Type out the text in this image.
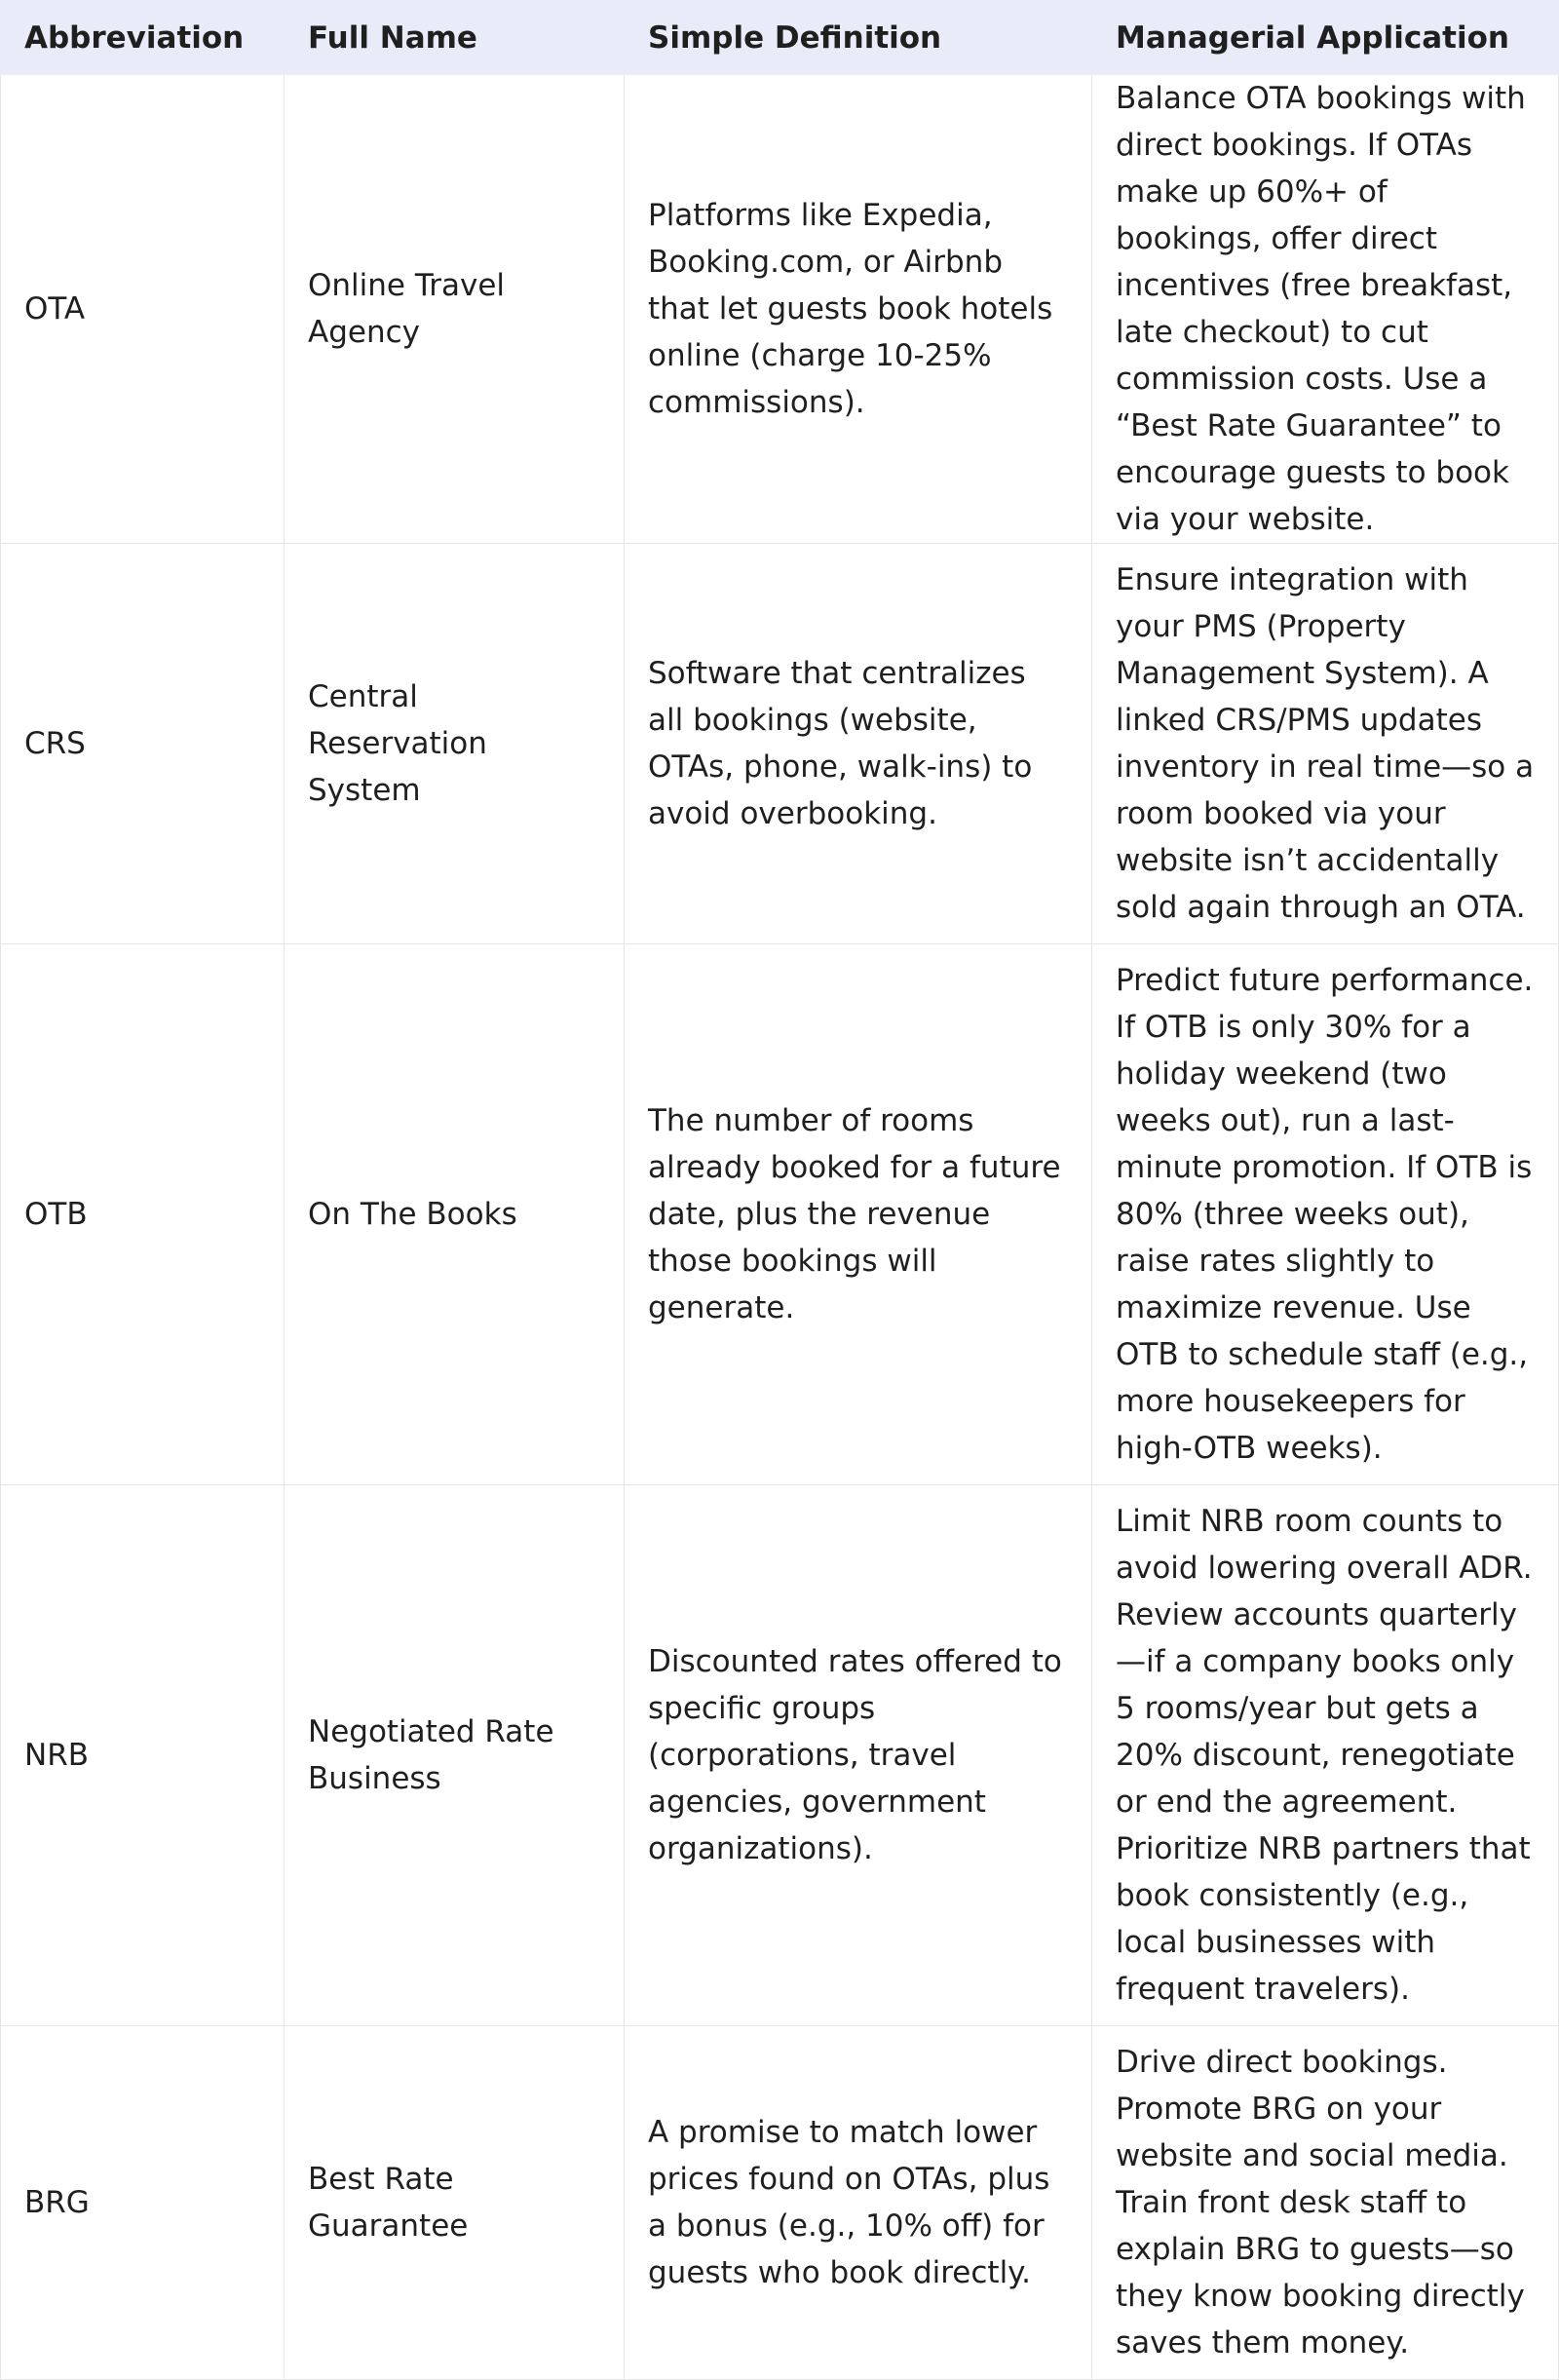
Abbreviation	Full Name	Simple Definition	Managerial Application
OTA	Online Travel Agency	Platforms like Expedia, Booking.com, or Airbnb that let guests book hotels online (charge 10-25% commissions).	Balance OTA bookings with direct bookings. If OTAs make up 60%+ of bookings, offer direct incentives (free breakfast, late checkout) to cut commission costs. Use a “Best Rate Guarantee” to encourage guests to book via your website.
CRS	Central Reservation System	Software that centralizes all bookings (website, OTAs, phone, walk-ins) to avoid overbooking.	Ensure integration with your PMS (Property Management System). A linked CRS/PMS updates inventory in real time—so a room booked via your website isn’t accidentally sold again through an OTA.
OTB	On The Books	The number of rooms already booked for a future date, plus the revenue those bookings will generate.	Predict future performance. If OTB is only 30% for a holiday weekend (two weeks out), run a last-minute promotion. If OTB is 80% (three weeks out), raise rates slightly to maximize revenue. Use OTB to schedule staff (e.g., more housekeepers for high-OTB weeks).
NRB	Negotiated Rate Business	Discounted rates offered to specific groups (corporations, travel agencies, government organizations).	Limit NRB room counts to avoid lowering overall ADR. Review accounts quarterly—if a company books only 5 rooms/year but gets a 20% discount, renegotiate or end the agreement. Prioritize NRB partners that book consistently (e.g., local businesses with frequent travelers).
BRG	Best Rate Guarantee	A promise to match lower prices found on OTAs, plus a bonus (e.g., 10% off) for guests who book directly.	Drive direct bookings. Promote BRG on your website and social media. Train front desk staff to explain BRG to guests—so they know booking directly saves them money.
